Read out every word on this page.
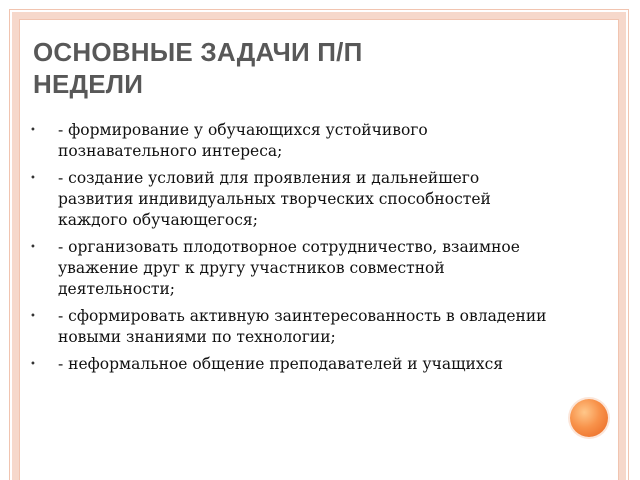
ОСНОВНЫЕ ЗАДАЧИ П/П
НЕДЕЛИ
• - формирование у обучающихся устойчивого познавательного интереса;
• - создание условий для проявления и дальнейшего развития индивидуальных творческих способностей каждого обучающегося;
• - организовать плодотворное сотрудничество, взаимное уважение друг к другу участников совместной деятельности;
• - сформировать активную заинтересованность в овладении новыми знаниями по технологии;
• - неформальное общение преподавателей и учащихся
